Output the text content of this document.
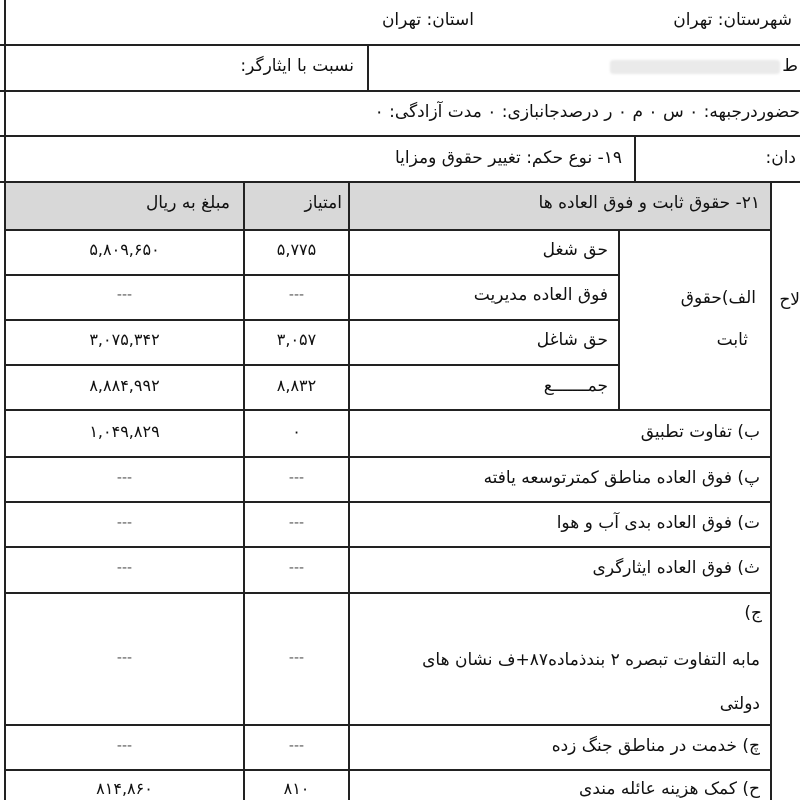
شهرستان: تهران
استان: تهران
نسبت با ایثارگر:	ط
حضوردرجبهه: ۰ س ۰ م ۰ ر درصدجانبازی: ۰ مدت آزادگی: ۰
۱۹- نوع حکم: تغییر حقوق ومزایا	دان:
۲۱- حقوق ثابت و فوق العاده ها
امتیاز
مبلغ به ریال
لاح
الف)حقوق
ثابت
حق شغل
۵,۷۷۵
۵,۸۰۹,۶۵۰
فوق العاده مدیریت
---
---
حق شاغل
۳,۰۵۷
۳,۰۷۵,۳۴۲
جمـــــــع
۸,۸۳۲
۸,۸۸۴,۹۹۲
ب) تفاوت تطبیق
۰
۱,۰۴۹,۸۲۹
پ) فوق العاده مناطق کمترتوسعه یافته
---
---
ت) فوق العاده بدی آب و هوا
---
---
ث) فوق العاده ایثارگری
---
---
ج)
مابه التفاوت تبصره ۲ بندذماده۸۷+ف نشان های
دولتی
---
---
چ) خدمت در مناطق جنگ زده
---
---
ح) کمک هزینه عائله مندی
۸۱۰
۸۱۴,۸۶۰
